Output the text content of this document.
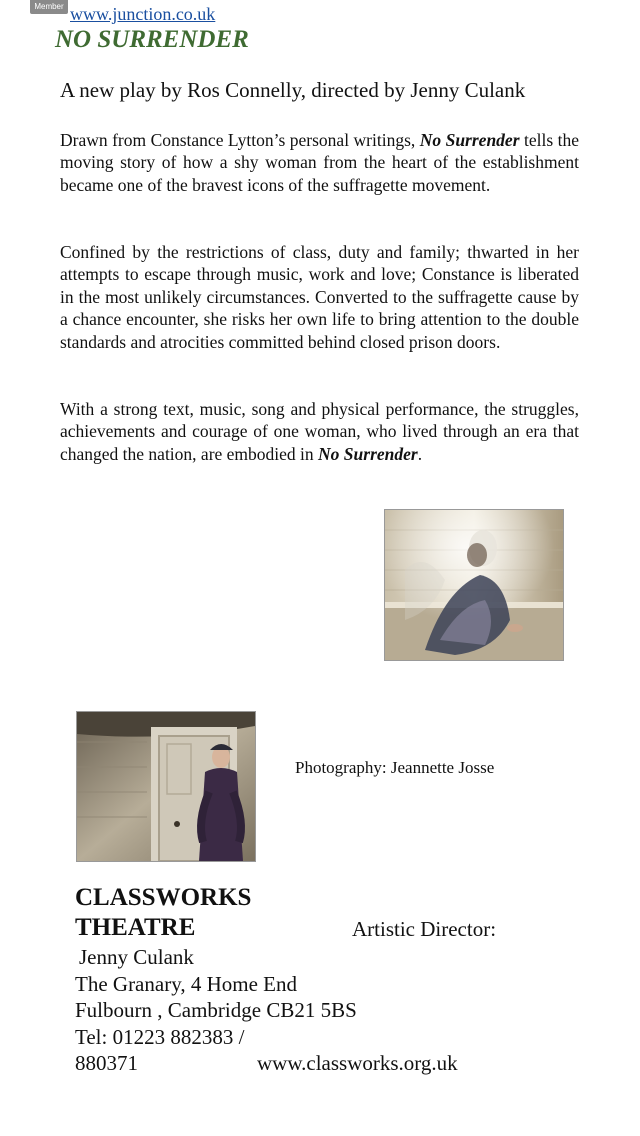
Member www.junction.co.uk
NO SURRENDER

A new play by Ros Connelly, directed by Jenny Culank

Drawn from Constance Lytton’s personal writings, No Surrender tells the moving story of how a shy woman from the heart of the establishment became one of the bravest icons of the suffragette movement.

Confined by the restrictions of class, duty and family; thwarted in her attempts to escape through music, work and love; Constance is liberated in the most unlikely circumstances. Converted to the suffragette cause by a chance encounter, she risks her own life to bring attention to the double standards and atrocities committed behind closed prison doors.

With a strong text, music, song and physical performance, the struggles, achievements and courage of one woman, who lived through an era that changed the nation, are embodied in No Surrender.

Photography: Jeannette Josse
CLASSWORKS
THEATRE	Artistic Director:
Jenny Culank
The Granary, 4 Home End
Fulbourn , Cambridge CB21 5BS
Tel: 01223 882383 /
880371	www.classworks.org.uk
